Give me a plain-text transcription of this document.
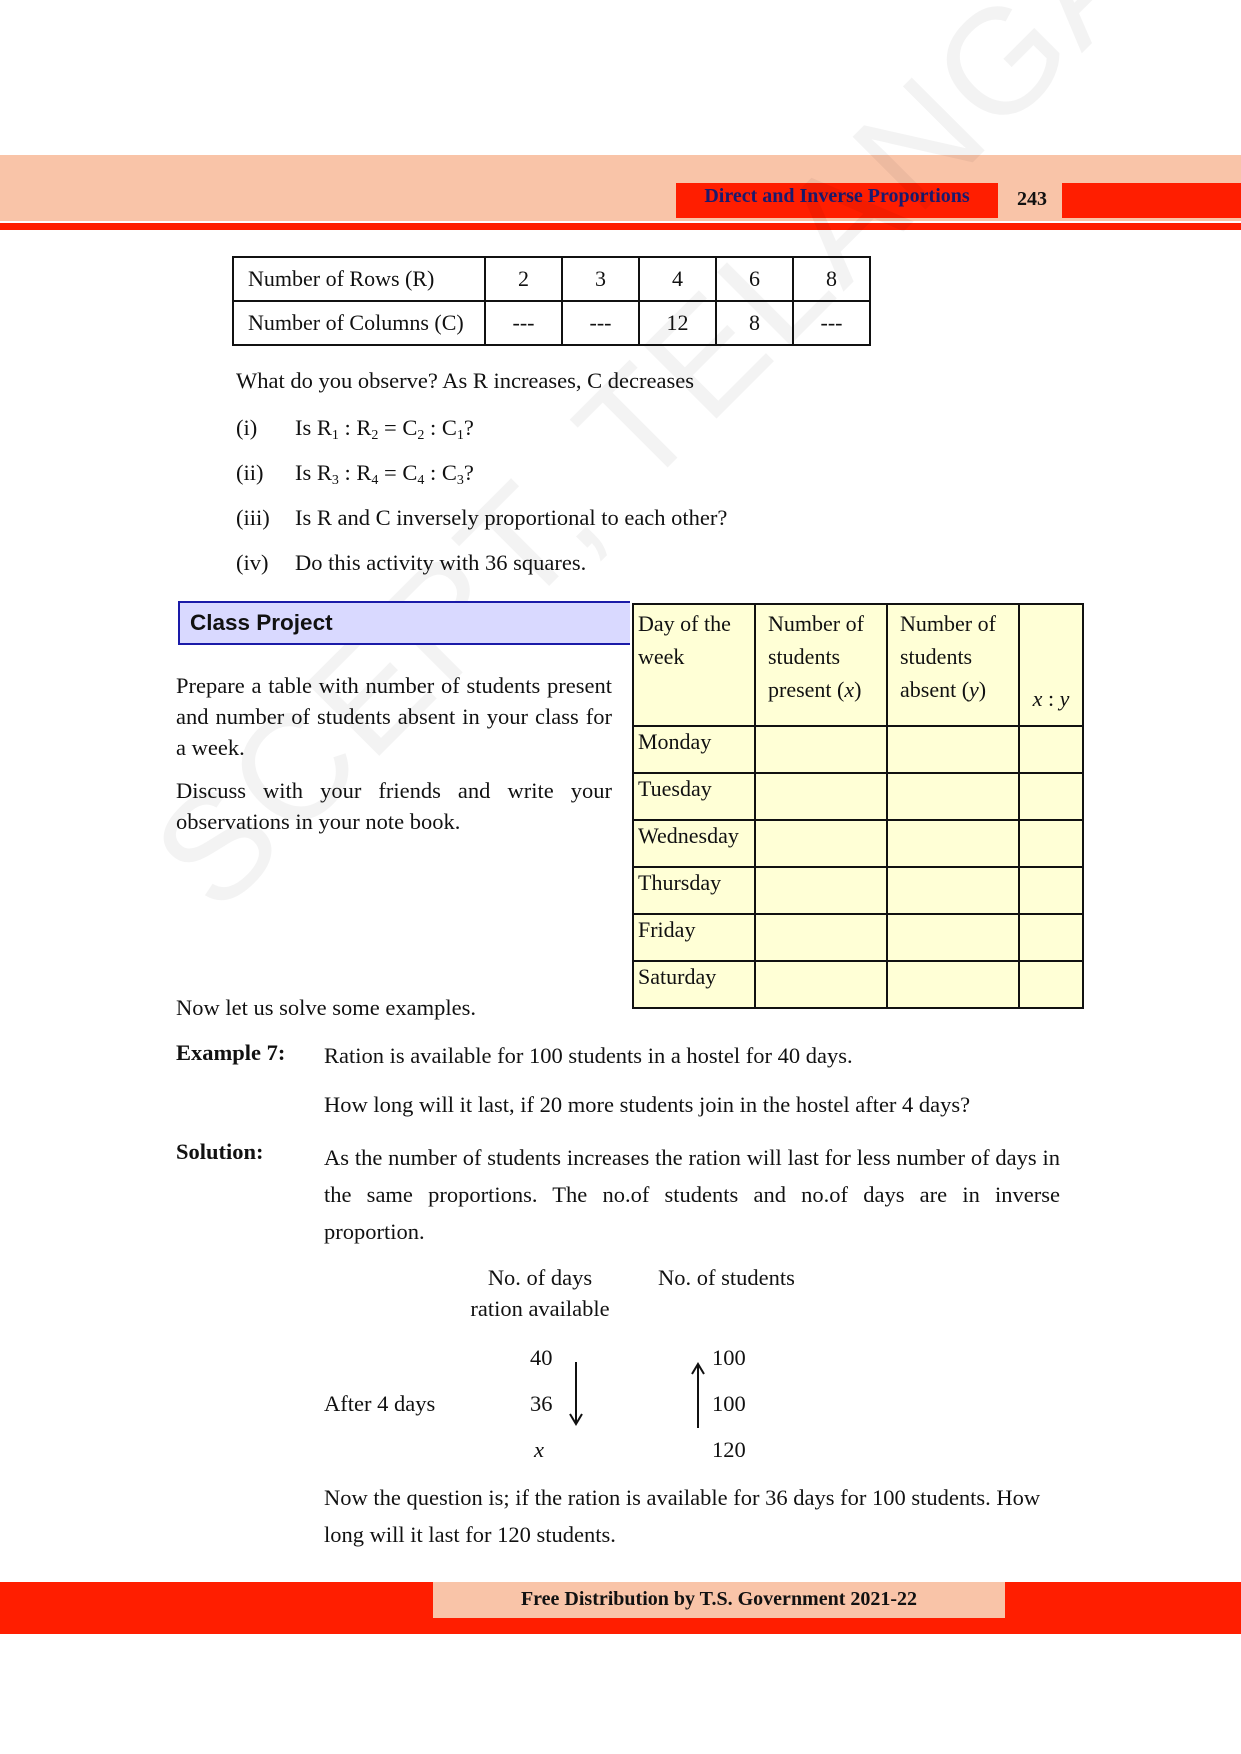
Direct and Inverse Proportions	243
Number of Rows (R)	2	3	4	6	8
Number of Columns (C)	---	---	12	8	---
What do you observe? As R increases, C decreases
(i) Is $R_1$ : $R_2 = C_2$ : $C_1$?
(ii) Is $R_3$ : $R_4 = C_4$ : $C_3$?
(iii) Is R and C inversely proportional to each other?
(iv) Do this activity with 36 squares.
Class Project
Prepare a table with number of students present and number of students absent in your class for a week.
Discuss with your friends and write your observations in your note book.
Day of the week	Number of students present (x)	Number of students absent (y)	x : y
Monday			
Tuesday			
Wednesday			
Thursday			
Friday			
Saturday			
Now let us solve some examples.
Example 7: Ration is available for 100 students in a hostel for 40 days.
How long will it last, if 20 more students join in the hostel after 4 days?
Solution:	As the number of students increases the ration will last for less number of days in the same proportions. The no.of students and no.of days are in inverse proportion.
No. of days
ration available
No. of students
40
After 4 days	36
x
100
100
120
Now the question is; if the ration is available for 36 days for 100 students. How long will it last for 120 students.
Free Distribution by T.S. Government 2021-22
